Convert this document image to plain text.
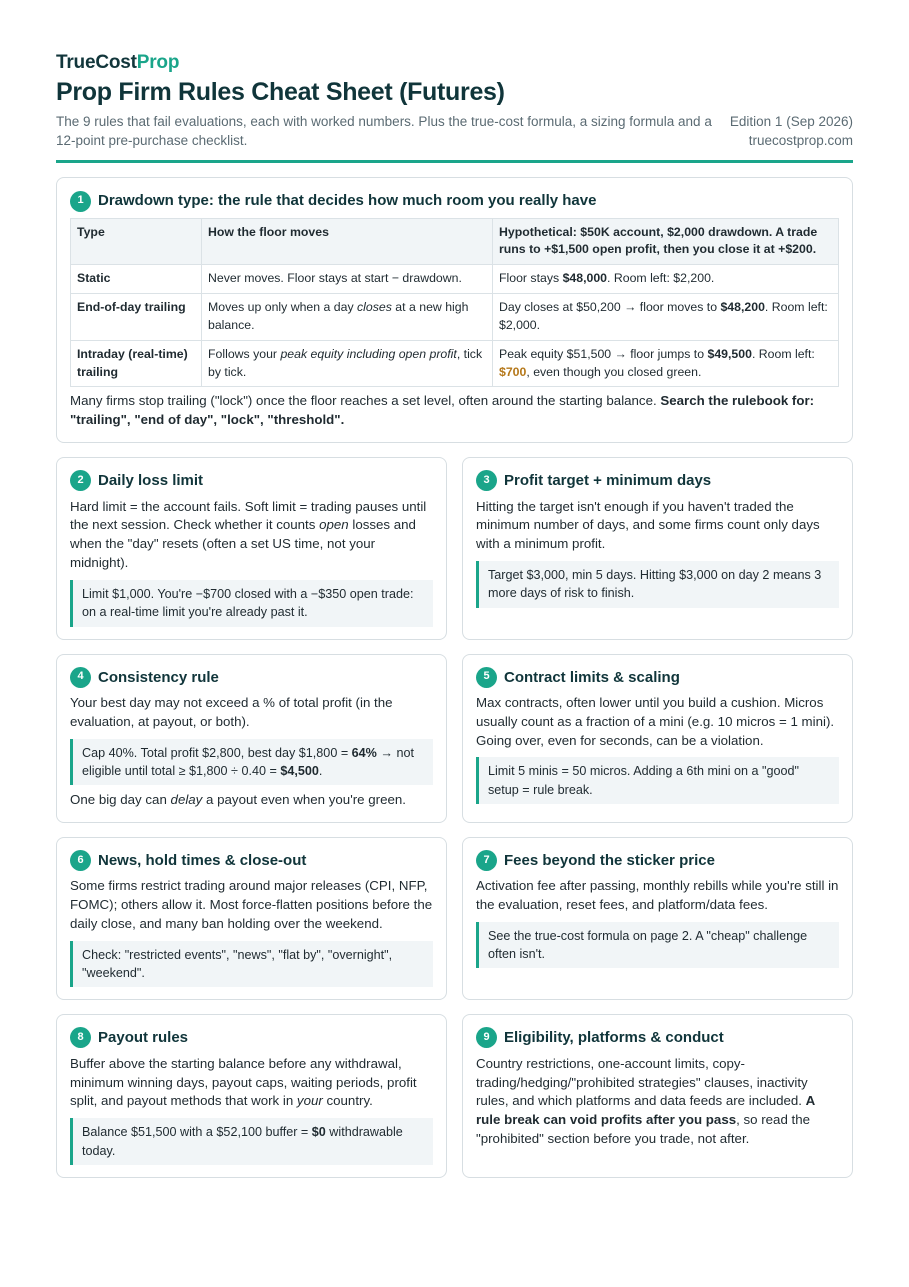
TrueCostProp
Prop Firm Rules Cheat Sheet (Futures)

The 9 rules that fail evaluations, each with worked numbers. Plus the true-cost formula, a sizing formula and a 12-point pre-purchase checklist.

Edition 1 (Sep 2026)
truecostprop.com
1 Drawdown type: the rule that decides how much room you really have
Type	How the floor moves	Hypothetical: $50K account, $2,000 drawdown. A trade runs to +$1,500 open profit, then you close it at +$200.
Static	Never moves. Floor stays at start − drawdown.	Floor stays $48,000. Room left: $2,200.
End-of-day trailing	Moves up only when a day closes at a new high balance.	Day closes at $50,200 → floor moves to $48,200. Room left: $2,000.
Intraday (real-time) trailing	Follows your peak equity including open profit, tick by tick.	Peak equity $51,500 → floor jumps to $49,500. Room left: $700, even though you closed green.

Many firms stop trailing ("lock") once the floor reaches a set level, often around the starting balance. Search the rulebook for: "trailing", "end of day", "lock", "threshold".

2 Daily loss limit

Hard limit = the account fails. Soft limit = trading pauses until the next session. Check whether it counts open losses and when the "day" resets (often a set US time, not your midnight).

Limit $1,000. You're −$700 closed with a −$350 open trade: on a real-time limit you're already past it.
3 Profit target + minimum days

Hitting the target isn't enough if you haven't traded the minimum number of days, and some firms count only days with a minimum profit.

Target $3,000, min 5 days. Hitting $3,000 on day 2 means 3 more days of risk to finish.
4 Consistency rule

Your best day may not exceed a % of total profit (in the evaluation, at payout, or both).

Cap 40%. Total profit $2,800, best day $1,800 = 64% → not eligible until total ≥ $1,800 ÷ 0.40 = $4,500.

One big day can delay a payout even when you're green.

5 Contract limits & scaling

Max contracts, often lower until you build a cushion. Micros usually count as a fraction of a mini (e.g. 10 micros = 1 mini). Going over, even for seconds, can be a violation.

Limit 5 minis = 50 micros. Adding a 6th mini on a "good" setup = rule break.
6 News, hold times & close-out

Some firms restrict trading around major releases (CPI, NFP, FOMC); others allow it. Most force-flatten positions before the daily close, and many ban holding over the weekend.

Check: "restricted events", "news", "flat by", "overnight", "weekend".
7 Fees beyond the sticker price

Activation fee after passing, monthly rebills while you're still in the evaluation, reset fees, and platform/data fees.

See the true-cost formula on page 2. A "cheap" challenge often isn't.
8 Payout rules

Buffer above the starting balance before any withdrawal, minimum winning days, payout caps, waiting periods, profit split, and payout methods that work in your country.

Balance $51,500 with a $52,100 buffer = $0 withdrawable today.
9 Eligibility, platforms & conduct

Country restrictions, one-account limits, copy-trading/hedging/"prohibited strategies" clauses, inactivity rules, and which platforms and data feeds are included. A rule break can void profits after you pass, so read the "prohibited" section before you trade, not after.
